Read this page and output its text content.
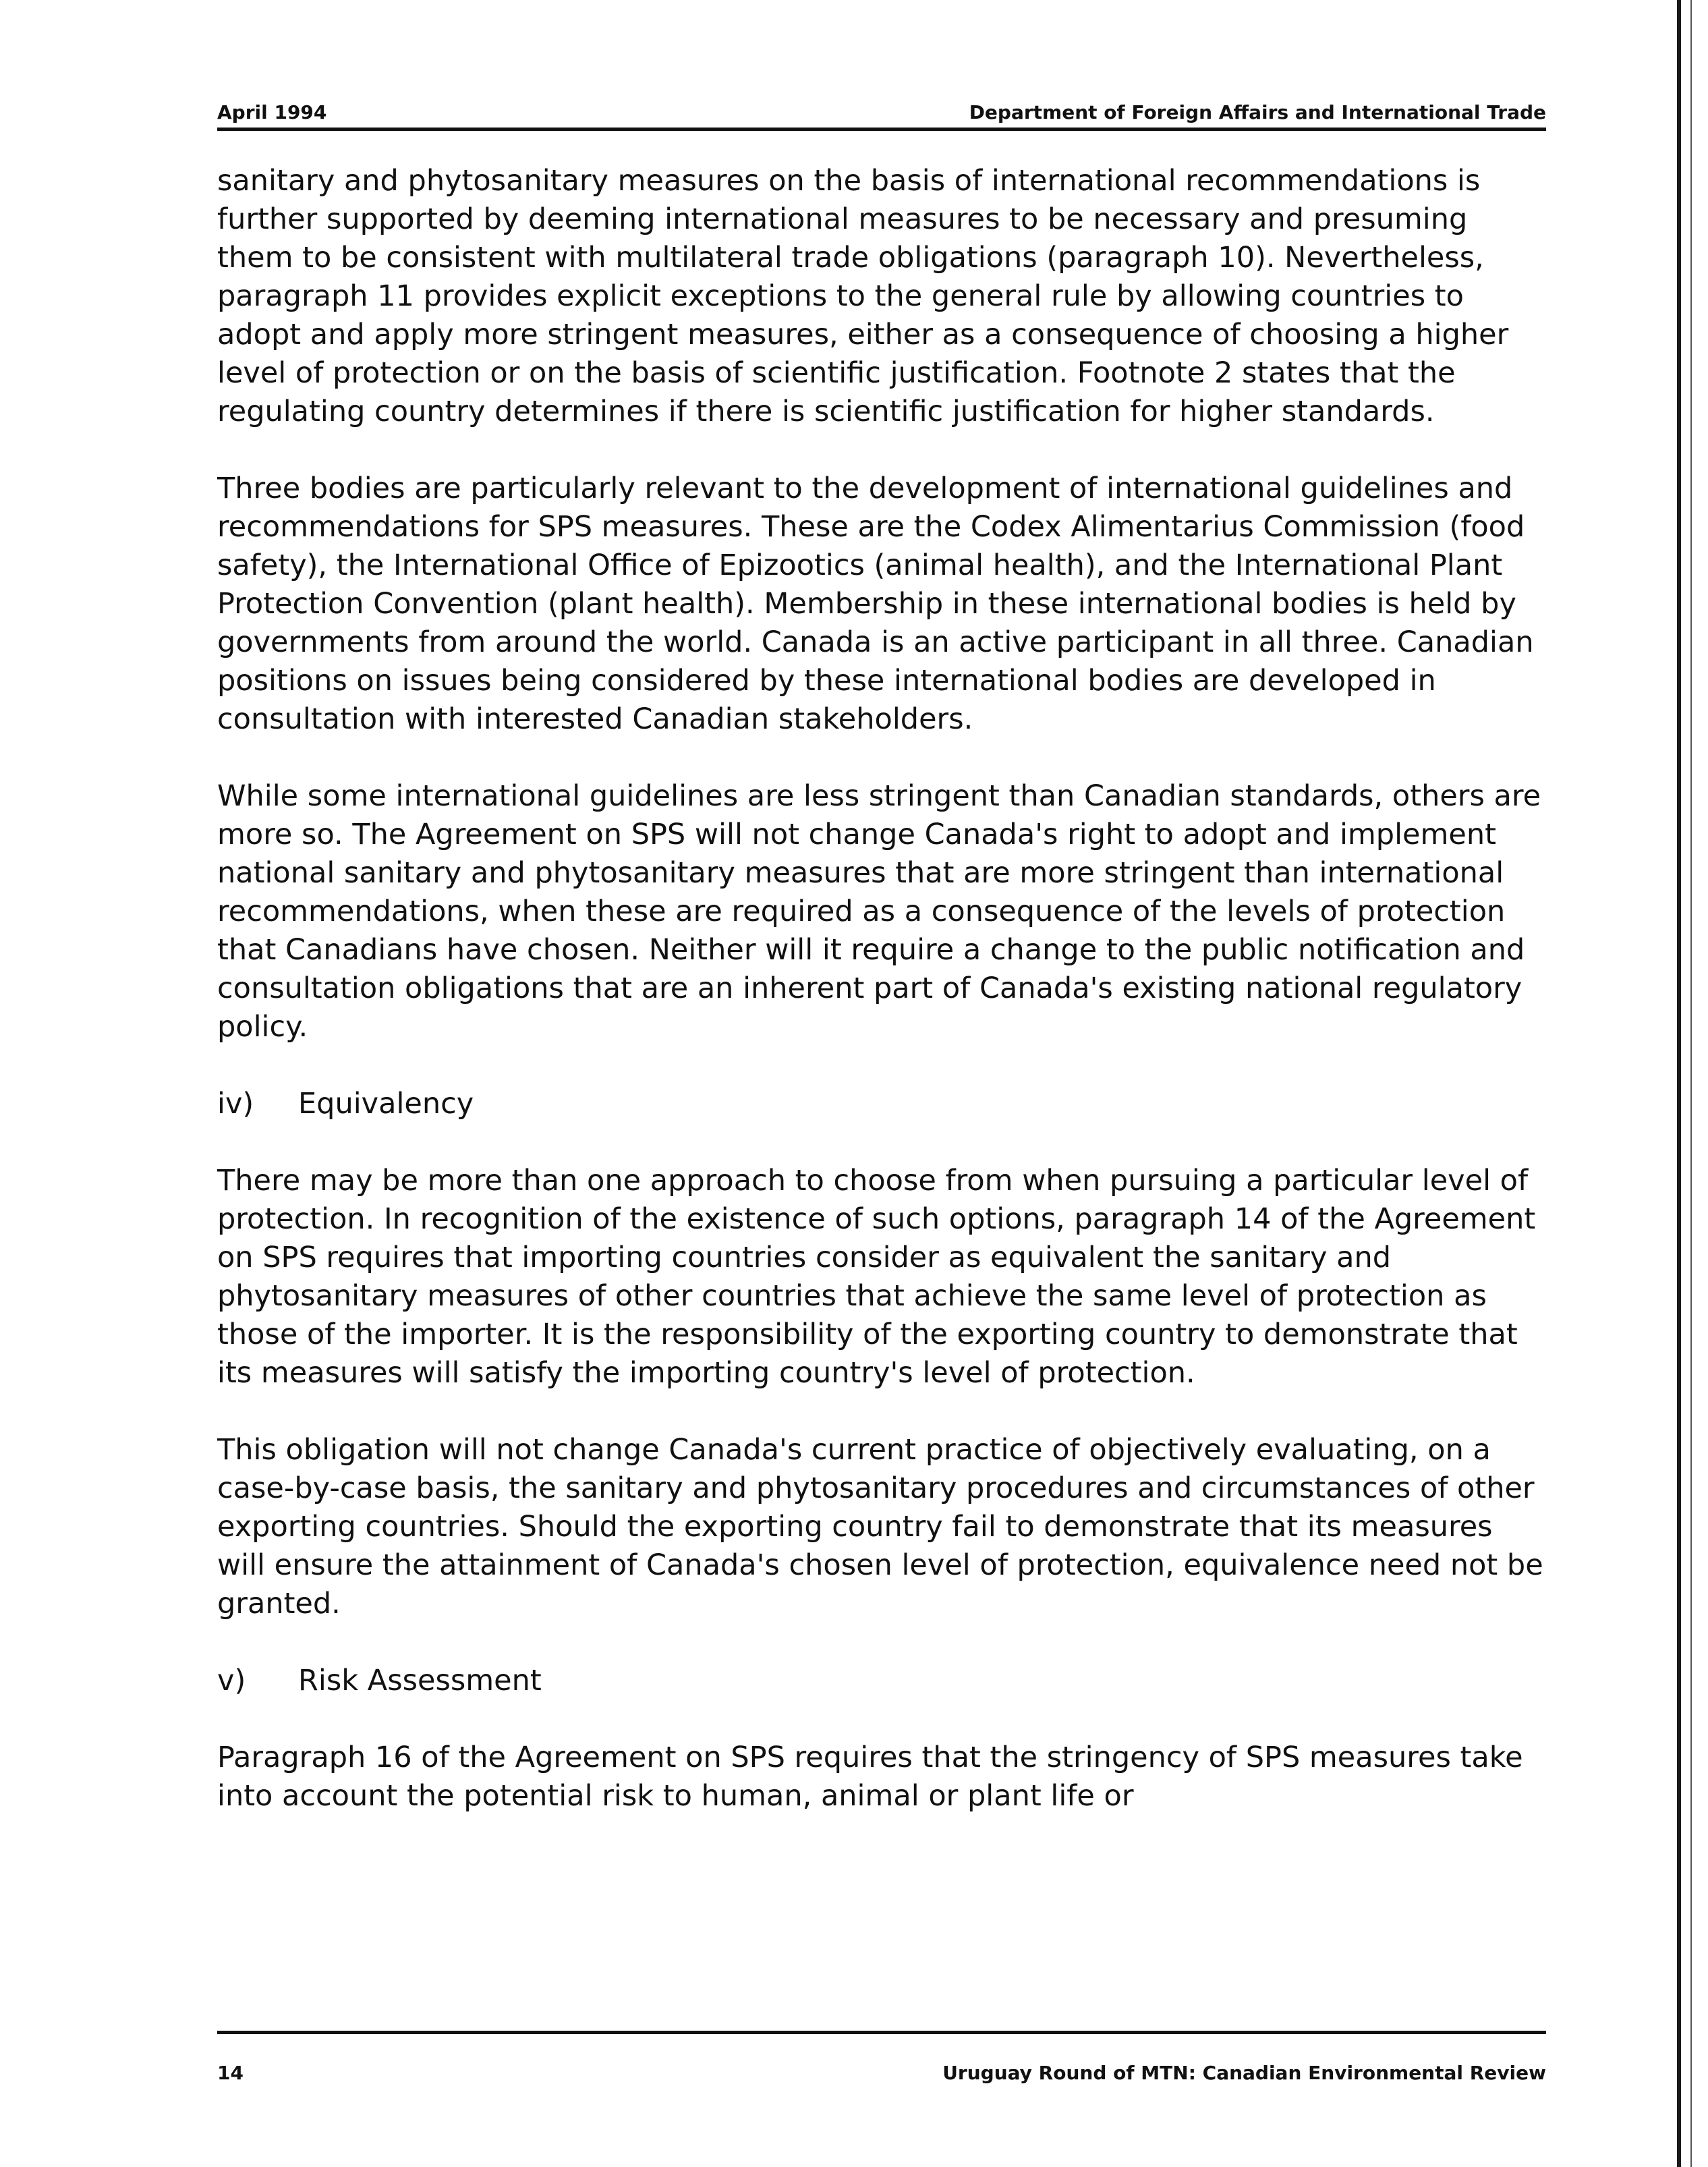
April 1994	Department of Foreign Affairs and International Trade

sanitary and phytosanitary measures on the basis of international recommendations is further supported by deeming international measures to be necessary and presuming them to be consistent with multilateral trade obligations (paragraph 10). Nevertheless, paragraph 11 provides explicit exceptions to the general rule by allowing countries to adopt and apply more stringent measures, either as a consequence of choosing a higher level of protection or on the basis of scientific justification. Footnote 2 states that the regulating country determines if there is scientific justification for higher standards.

Three bodies are particularly relevant to the development of international guidelines and recommendations for SPS measures. These are the Codex Alimentarius Commission (food safety), the International Office of Epizootics (animal health), and the International Plant Protection Convention (plant health). Membership in these international bodies is held by governments from around the world. Canada is an active participant in all three. Canadian positions on issues being considered by these international bodies are developed in consultation with interested Canadian stakeholders.

While some international guidelines are less stringent than Canadian standards, others are more so. The Agreement on SPS will not change Canada's right to adopt and implement national sanitary and phytosanitary measures that are more stringent than international recommendations, when these are required as a consequence of the levels of protection that Canadians have chosen. Neither will it require a change to the public notification and consultation obligations that are an inherent part of Canada's existing national regulatory policy.

iv)	Equivalency

There may be more than one approach to choose from when pursuing a particular level of protection. In recognition of the existence of such options, paragraph 14 of the Agreement on SPS requires that importing countries consider as equivalent the sanitary and phytosanitary measures of other countries that achieve the same level of protection as those of the importer. It is the responsibility of the exporting country to demonstrate that its measures will satisfy the importing country's level of protection.

This obligation will not change Canada's current practice of objectively evaluating, on a case-by-case basis, the sanitary and phytosanitary procedures and circumstances of other exporting countries. Should the exporting country fail to demonstrate that its measures will ensure the attainment of Canada's chosen level of protection, equivalence need not be granted.

v)	Risk Assessment

Paragraph 16 of the Agreement on SPS requires that the stringency of SPS measures take into account the potential risk to human, animal or plant life or

14	Uruguay Round of MTN: Canadian Environmental Review
